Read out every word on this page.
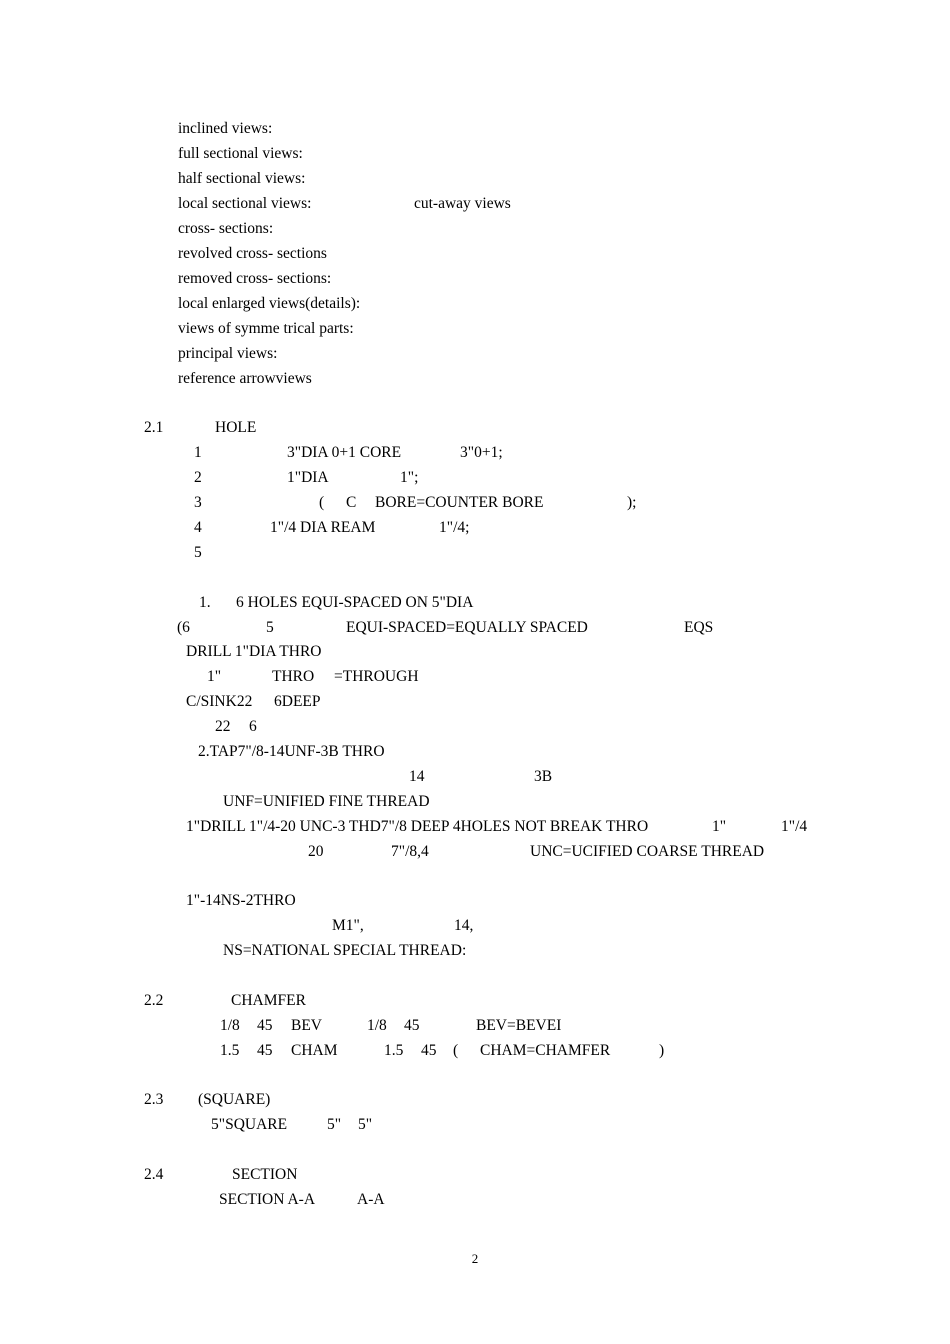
inclined views:
full sectional views:
half sectional views:
local sectional views:	cut-away views
cross- sections:
revolved cross- sections
removed cross- sections:
local enlarged views(details):
views of symme trical parts:
principal views:
reference arrowviews
2.1	HOLE
1	3"DIA 0+1 CORE	3"0+1;
2	1"DIA	1";
3	( C BORE=COUNTER BORE	);
4	1"/4 DIA REAM	1"/4;
5
1. 6 HOLES EQUI-SPACED ON 5"DIA
(6	5	EQUI-SPACED=EQUALLY SPACED	EQS
DRILL 1"DIA THRO
1"	THRO =THROUGH
C/SINK22 6DEEP
22 6
2.TAP7"/8-14UNF-3B THRO
14	3B
UNF=UNIFIED FINE THREAD
1"DRILL 1"/4-20 UNC-3 THD7"/8 DEEP 4HOLES NOT BREAK THRO	1"	1"/4
20	7"/8,4	UNC=UCIFIED COARSE THREAD
1"-14NS-2THRO
M1",	14,
NS=NATIONAL SPECIAL THREAD:
2.2	CHAMFER
1/8 45 BEV	1/8 45	BEV=BEVEI
1.5 45 CHAM	1.5 45 ( CHAM=CHAMFER	)
2.3 (SQUARE)
5"SQUARE	5" 5"
2.4	SECTION
SECTION A-A	A-A
2
